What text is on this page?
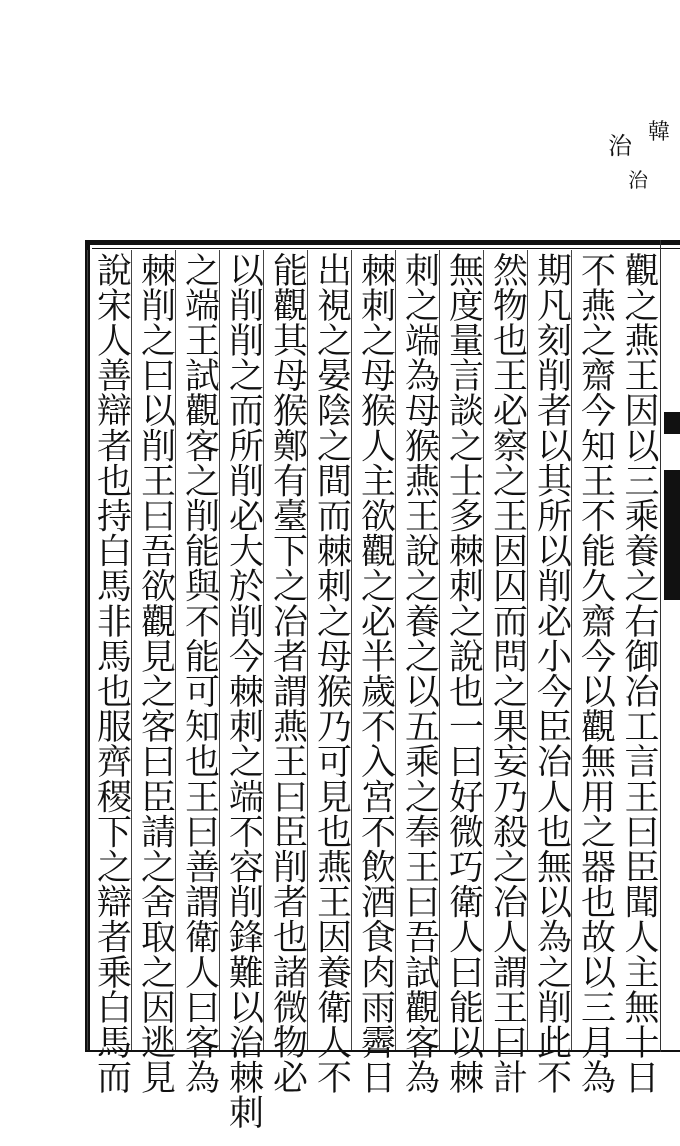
治 韓
治
觀之燕王因以三乘養之右御冶工言王曰臣聞人主無十日
不燕之齋今知王不能久齋今以觀無用之器也故以三月為
期凡刻削者以其所以削必小今臣冶人也無以為之削此不
然物也王必察之王因囚而問之果妄乃殺之冶人謂王曰計
無度量言談之士多棘刺之說也一曰好微巧衛人曰能以棘
刺之端為母猴燕王說之養之以五乘之奉王曰吾試觀客為
棘刺之母猴人主欲觀之必半歲不入宮不飲酒食肉雨霽日
出視之晏陰之間而棘刺之母猴乃可見也燕王因養衛人不
能觀其母猴鄭有臺下之冶者謂燕王曰臣削者也諸微物必
以削削之而所削必大於削今棘刺之端不容削鋒難以治棘刺
之端王試觀客之削能與不能可知也王曰善謂衛人曰客為
棘削之曰以削王曰吾欲觀見之客曰臣請之舍取之因逃見
說宋人善辯者也持白馬非馬也服齊稷下之辯者乗白馬而
